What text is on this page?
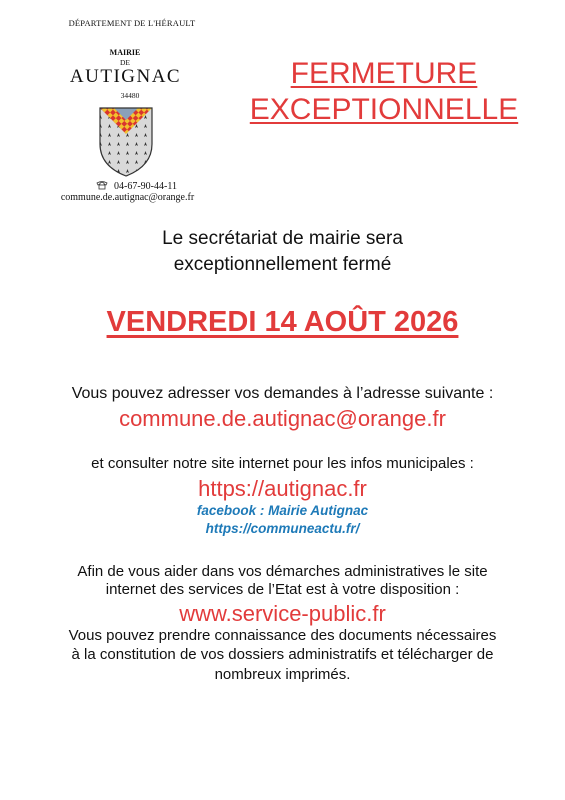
DÉPARTEMENT DE L'HÉRAULT
MAIRIE
DE
AUTIGNAC
34480
04-67-90-44-11
commune.de.autignac@orange.fr
FERMETURE
EXCEPTIONNELLE
Le secrétariat de mairie sera
exceptionnellement fermé
VENDREDI 14 AOÛT 2026
Vous pouvez adresser vos demandes à l’adresse suivante :
commune.de.autignac@orange.fr
et consulter notre site internet pour les infos municipales :
https://autignac.fr
facebook : Mairie Autignac
https://communeactu.fr/
Afin de vous aider dans vos démarches administratives le site
internet des services de l’Etat est à votre disposition :
www.service-public.fr
Vous pouvez prendre connaissance des documents nécessaires
à la constitution de vos dossiers administratifs et télécharger de
nombreux imprimés.
